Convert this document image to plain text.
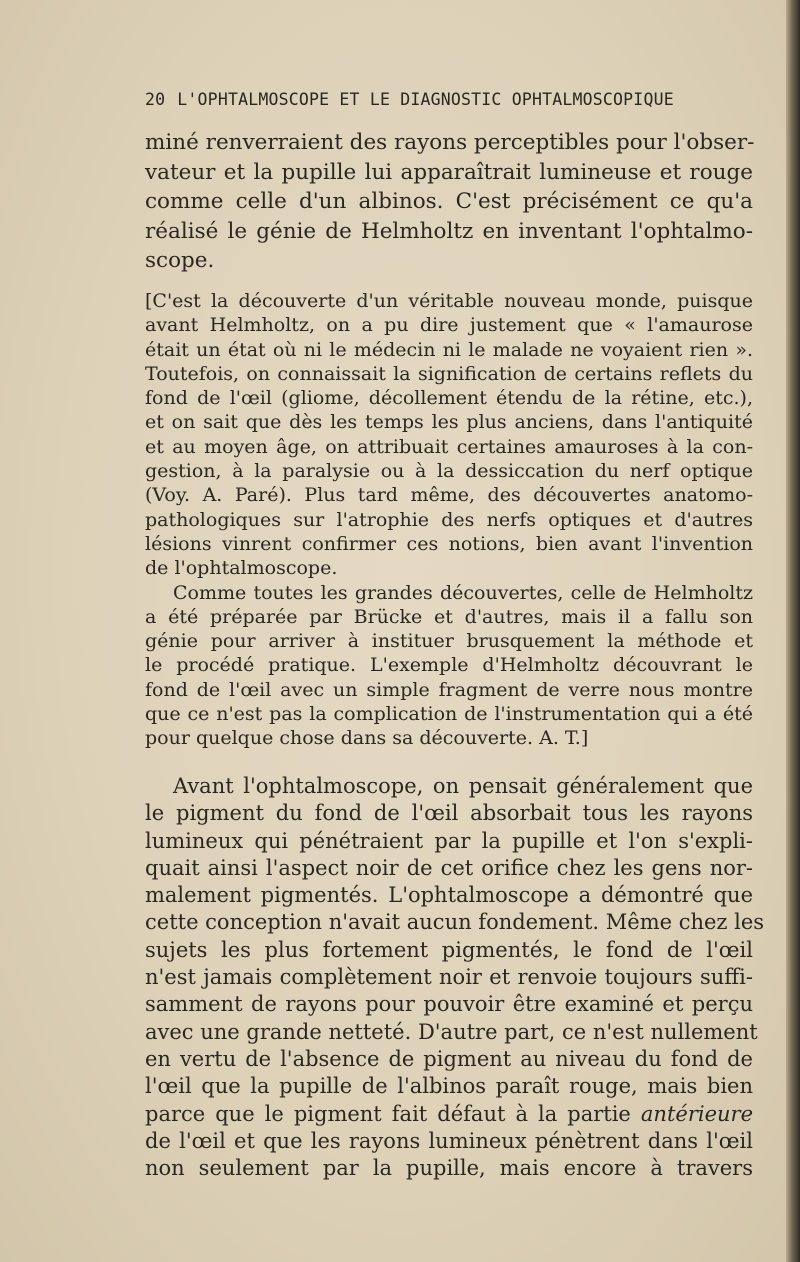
20 L'OPHTALMOSCOPE ET LE DIAGNOSTIC OPHTALMOSCOPIQUE
miné renverraient des rayons perceptibles pour l'obser-
vateur et la pupille lui apparaîtrait lumineuse et rouge
comme celle d'un albinos. C'est précisément ce qu'a
réalisé le génie de Helmholtz en inventant l'ophtalmo-
scope.
[C'est la découverte d'un véritable nouveau monde, puisque
avant Helmholtz, on a pu dire justement que « l'amaurose
était un état où ni le médecin ni le malade ne voyaient rien ».
Toutefois, on connaissait la signification de certains reflets du
fond de l'œil (gliome, décollement étendu de la rétine, etc.),
et on sait que dès les temps les plus anciens, dans l'antiquité
et au moyen âge, on attribuait certaines amauroses à la con-
gestion, à la paralysie ou à la dessiccation du nerf optique
(Voy. A. Paré). Plus tard même, des découvertes anatomo-
pathologiques sur l'atrophie des nerfs optiques et d'autres
lésions vinrent confirmer ces notions, bien avant l'invention
de l'ophtalmoscope.
Comme toutes les grandes découvertes, celle de Helmholtz
a été préparée par Brücke et d'autres, mais il a fallu son
génie pour arriver à instituer brusquement la méthode et
le procédé pratique. L'exemple d'Helmholtz découvrant le
fond de l'œil avec un simple fragment de verre nous montre
que ce n'est pas la complication de l'instrumentation qui a été
pour quelque chose dans sa découverte. A. T.]
Avant l'ophtalmoscope, on pensait généralement que
le pigment du fond de l'œil absorbait tous les rayons
lumineux qui pénétraient par la pupille et l'on s'expli-
quait ainsi l'aspect noir de cet orifice chez les gens nor-
malement pigmentés. L'ophtalmoscope a démontré que
cette conception n'avait aucun fondement. Même chez les
sujets les plus fortement pigmentés, le fond de l'œil
n'est jamais complètement noir et renvoie toujours suffi-
samment de rayons pour pouvoir être examiné et perçu
avec une grande netteté. D'autre part, ce n'est nullement
en vertu de l'absence de pigment au niveau du fond de
l'œil que la pupille de l'albinos paraît rouge, mais bien
parce que le pigment fait défaut à la partie antérieure
de l'œil et que les rayons lumineux pénètrent dans l'œil
non seulement par la pupille, mais encore à travers
